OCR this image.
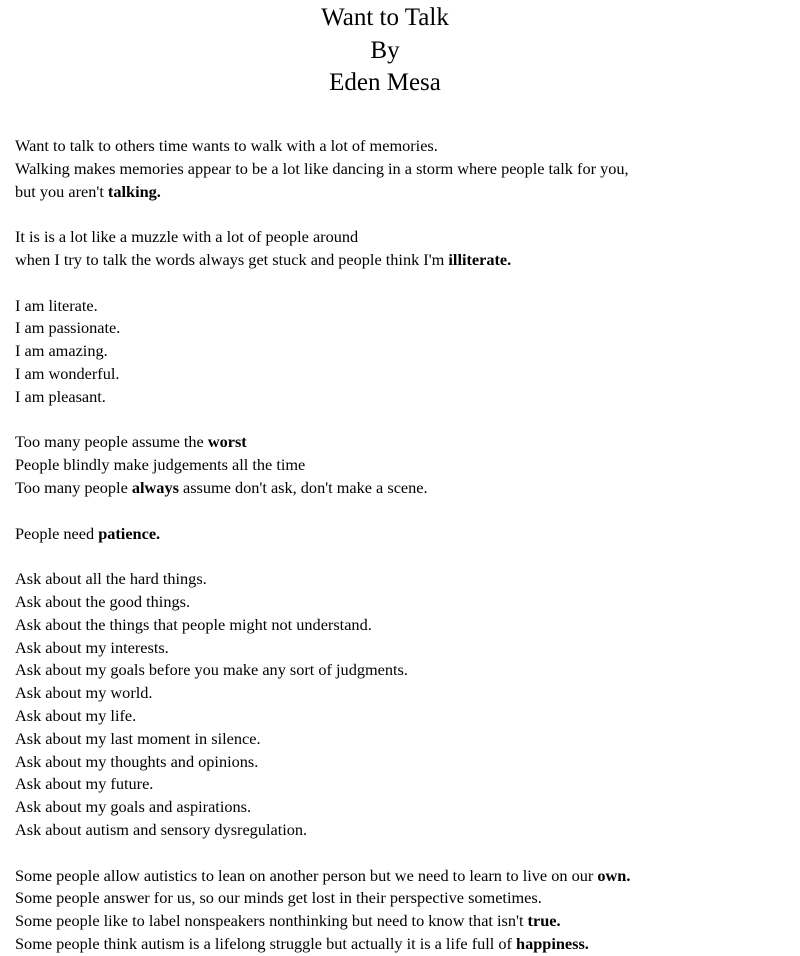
Want to Talk
By
Eden Mesa
Want to talk to others time wants to walk with a lot of memories.
Walking makes memories appear to be a lot like dancing in a storm where people talk for you,
but you aren't talking.
It is is a lot like a muzzle with a lot of people around
when I try to talk the words always get stuck and people think I'm illiterate.
I am literate.
I am passionate.
I am amazing.
I am wonderful.
I am pleasant.
Too many people assume the worst
People blindly make judgements all the time
Too many people always assume don't ask, don't make a scene.
People need patience.
Ask about all the hard things.
Ask about the good things.
Ask about the things that people might not understand.
Ask about my interests.
Ask about my goals before you make any sort of judgments.
Ask about my world.
Ask about my life.
Ask about my last moment in silence.
Ask about my thoughts and opinions.
Ask about my future.
Ask about my goals and aspirations.
Ask about autism and sensory dysregulation.
Some people allow autistics to lean on another person but we need to learn to live on our own.
Some people answer for us, so our minds get lost in their perspective sometimes.
Some people like to label nonspeakers nonthinking but need to know that isn't true.
Some people think autism is a lifelong struggle but actually it is a life full of happiness.
